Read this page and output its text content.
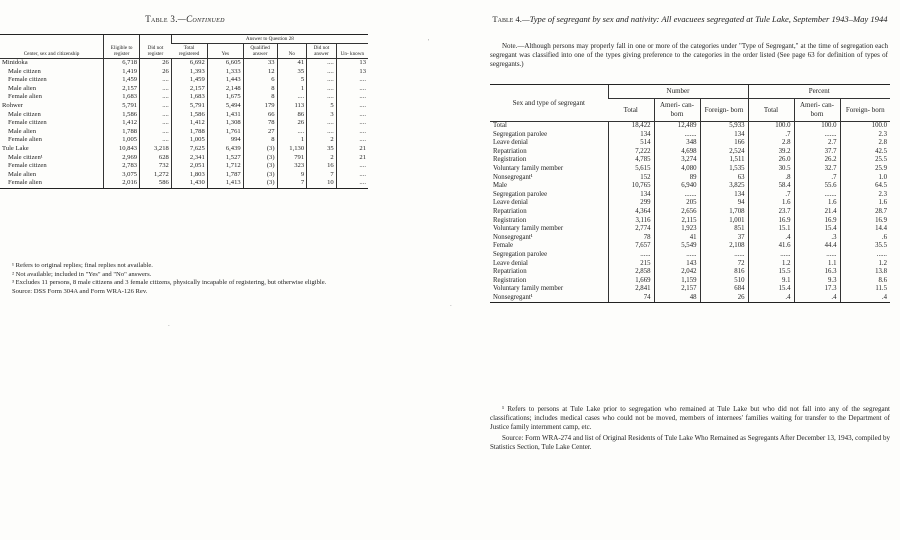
Table 3.—Continued
Center, sex and citizenship	Eligible to register	Did not register	Answer to Question 28					
			Total registered	Yes	Qualified answer	No	Did not answer	Un- known
Minidoka	6,718	26	6,692	6,605	33	41	....	13
Male citizen	1,419	26	1,393	1,333	12	35	....	13
Female citizen	1,459	....	1,459	1,443	6	5	....	....
Male alien	2,157	....	2,157	2,148	8	1	....	....
Female alien	1,683	....	1,683	1,675	8	....	....	....
Rohwer	5,791	....	5,791	5,494	179	113	5	....
Male citizen	1,586	....	1,586	1,431	66	86	3	....
Female citizen	1,412	....	1,412	1,308	78	26	....	....
Male alien	1,788	....	1,788	1,761	27	....	....	....
Female alien	1,005	....	1,005	994	8	1	2	....
Tule Lake	10,843	3,218	7,625	6,439	(3)	1,130	35	21
Male citizen¹	2,969	628	2,341	1,527	(3)	791	2	21
Female citizen	2,783	732	2,051	1,712	(3)	323	16	....
Male alien	3,075	1,272	1,803	1,787	(3)	9	7	....
Female alien	2,016	586	1,430	1,413	(3)	7	10	....

¹ Refers to original replies; final replies not available.

² Not available; included in "Yes" and "No" answers.

³ Excludes 11 persons, 8 male citizens and 3 female citizens, physically incapable of registering, but otherwise eligible.

Source: DSS Form 304A and Form WRA-126 Rev.

'
.
.
Table 4.—Type of segregant by sex and nativity: All evacuees segregated at Tule Lake, September 1943–May 1944
Note.—Although persons may properly fall in one or more of the categories under "Type of Segregant," at the time of segregation each segregant was classified into one of the types giving preference to the categories in the order listed (See page 63 for definition of types of segregants.)
Sex and type of segregant	Number			Percent		
	Total	Ameri- can- born	Foreign- born	Total	Ameri- can- born	Foreign- born
Total	18,422	12,489	5,933	100.0	100.0	100.0
Segregation parolee	134	.......	134	.7	.......	2.3
Leave denial	514	348	166	2.8	2.7	2.8
Repatriation	7,222	4,698	2,524	39.2	37.7	42.5
Registration	4,785	3,274	1,511	26.0	26.2	25.5
Voluntary family member	5,615	4,080	1,535	30.5	32.7	25.9
Nonsegregant¹	152	89	63	.8	.7	1.0
Male	10,765	6,940	3,825	58.4	55.6	64.5
Segregation parolee	134	.......	134	.7	.......	2.3
Leave denial	299	205	94	1.6	1.6	1.6
Repatriation	4,364	2,656	1,708	23.7	21.4	28.7
Registration	3,116	2,115	1,001	16.9	16.9	16.9
Voluntary family member	2,774	1,923	851	15.1	15.4	14.4
Nonsegregant¹	78	41	37	.4	.3	.6
Female	7,657	5,549	2,108	41.6	44.4	35.5
Segregation parolee	......	......	......	......	......	......
Leave denial	215	143	72	1.2	1.1	1.2
Repatriation	2,858	2,042	816	15.5	16.3	13.8
Registration	1,669	1,159	510	9.1	9.3	8.6
Voluntary family member	2,841	2,157	684	15.4	17.3	11.5
Nonsegregant¹	74	48	26	.4	.4	.4

¹ Refers to persons at Tule Lake prior to segregation who remained at Tule Lake but who did not fall into any of the segregant classifications; includes medical cases who could not be moved, members of internees' families waiting for transfer to the Department of Justice family internment camp, etc.

Source: Form WRA-274 and list of Original Residents of Tule Lake Who Remained as Segregants After December 13, 1943, compiled by Statistics Section, Tule Lake Center.
